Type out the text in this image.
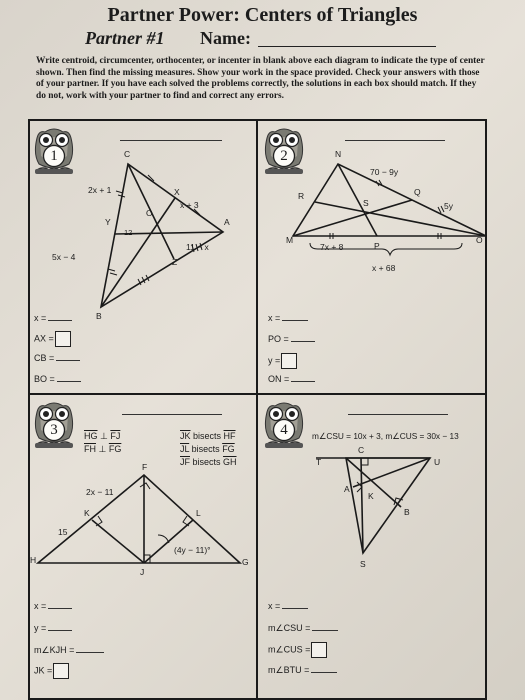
Partner Power: Centers of Triangles
Partner #1 Name:
Write centroid, circumcenter, orthocenter, or incenter in blank above each diagram to indicate the type of center shown. Then find the missing measures. Show your work in the space provided. Check your answers with those of your partner. If you have each solved the problems correctly, the solutions in each box should match. If they do not, work with your partner to find and correct any errors.
1	C
X
O
A
Y
Z
B
2x + 1
x + 3
12
11 − x
5x − 4
x =
AX =
CB =
BO =
2	N
R	Q
S
M
P
O
70 − 9y
5y
7x + 8
x + 68
x =
PO =
y =
ON =
3	$\overline{HG}$ ⊥ $\overline{FJ}$
$\overline{FH}$ ⊥ $\overline{FG}$
$\overline{JK}$ bisects $\overline{HF}$
$\overline{JL}$ bisects $\overline{FG}$
$\overline{JF}$ bisects $\overline{GH}$
F
K	L
H
J
G
2x − 11
15
(4y − 11)°
x =
y =
m∠KJH =
JK =
4	m∠CSU = 10x + 3, m∠CUS = 30x − 13
C
T	U
A
K
B
S
x =
m∠CSU =
m∠CUS =
m∠BTU =
